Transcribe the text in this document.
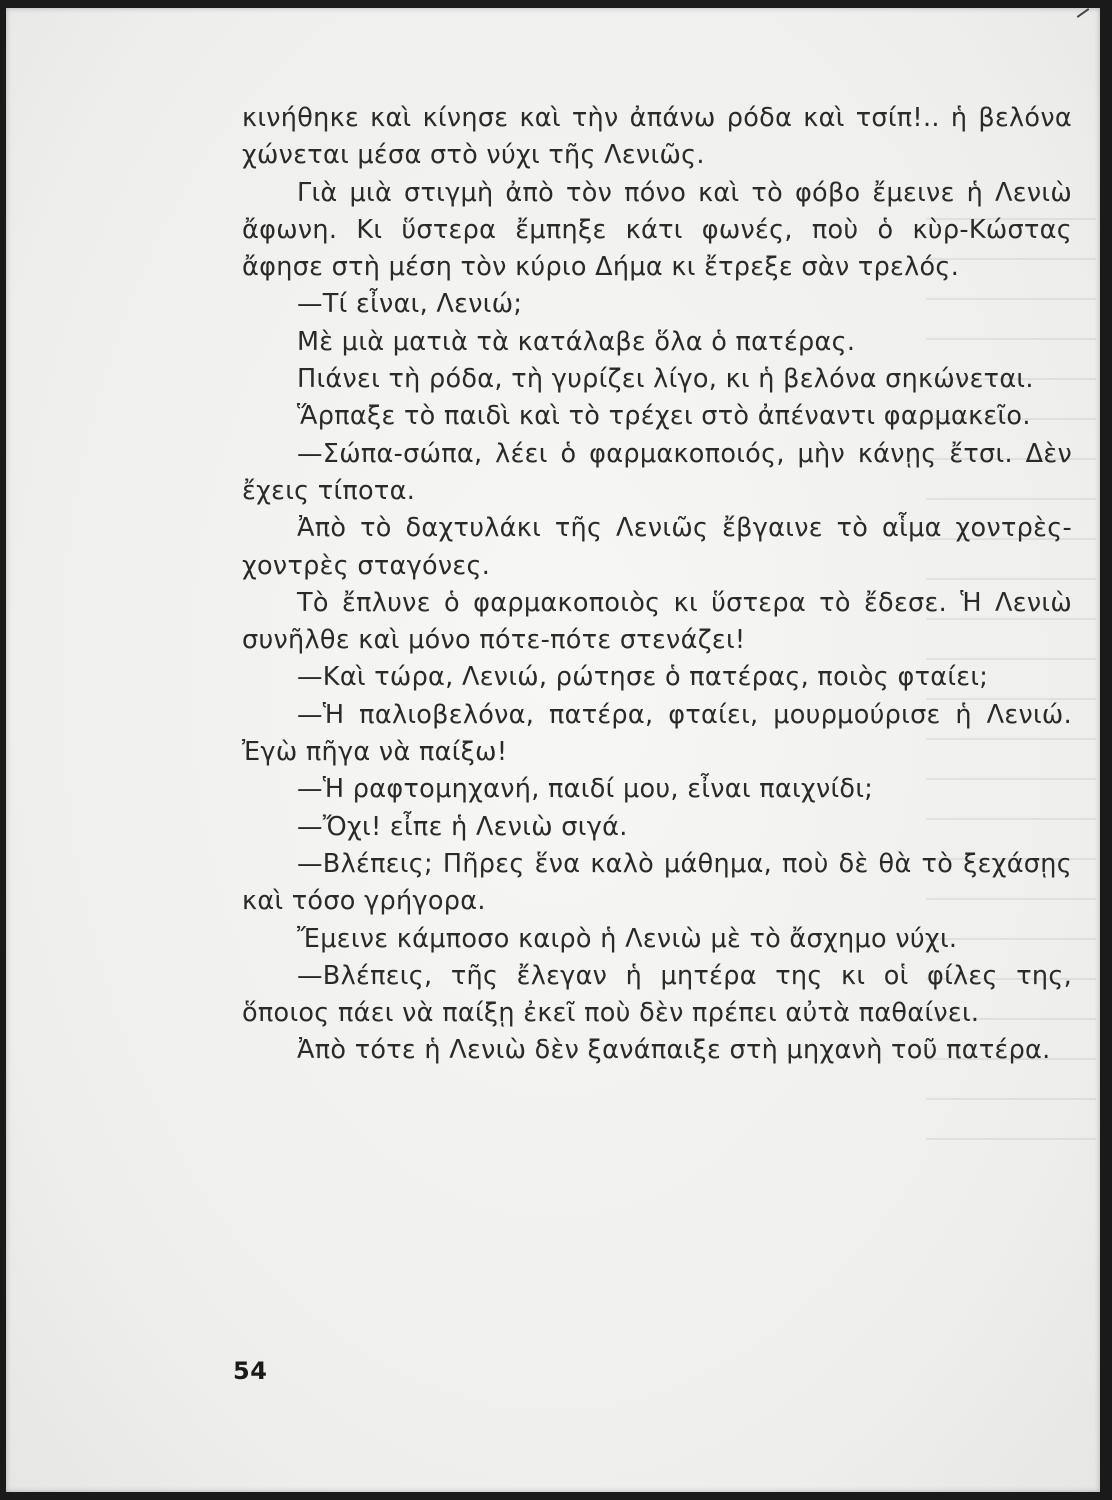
κινήθηκε καὶ κίνησε καὶ τὴν ἀπάνω ρόδα καὶ τσίπ!.. ἡ βελόνα χώνεται μέσα στὸ νύχι τῆς Λενιῶς.

Γιὰ μιὰ στιγμὴ ἀπὸ τὸν πόνο καὶ τὸ φόβο ἔμεινε ἡ Λενιὼ ἄφωνη. Κι ὕστερα ἔμπηξε κάτι φωνές, ποὺ ὁ κὺρ-Κώστας ἄφησε στὴ μέση τὸν κύριο Δήμα κι ἔτρεξε σὰν τρελός.

—Τί εἶναι, Λενιώ;

Μὲ μιὰ ματιὰ τὰ κατάλαβε ὅλα ὁ πατέρας.

Πιάνει τὴ ρόδα, τὴ γυρίζει λίγο, κι ἡ βελόνα σηκώνεται.

Ἅρπαξε τὸ παιδὶ καὶ τὸ τρέχει στὸ ἀπέναντι φαρμακεῖο.

—Σώπα-σώπα, λέει ὁ φαρμακοποιός, μὴν κάνῃς ἔτσι. Δὲν ἔχεις τίποτα.

Ἀπὸ τὸ δαχτυλάκι τῆς Λενιῶς ἔβγαινε τὸ αἷμα χοντρὲς-χοντρὲς σταγόνες.

Τὸ ἔπλυνε ὁ φαρμακοποιὸς κι ὕστερα τὸ ἔδεσε. Ἡ Λενιὼ συνῆλθε καὶ μόνο πότε-πότε στενάζει!

—Καὶ τώρα, Λενιώ, ρώτησε ὁ πατέρας, ποιὸς φταίει;

—Ἡ παλιοβελόνα, πατέρα, φταίει, μουρμούρισε ἡ Λενιώ. Ἐγὼ πῆγα νὰ παίξω!

—Ἡ ραφτομηχανή, παιδί μου, εἶναι παιχνίδι;

—Ὄχι! εἶπε ἡ Λενιὼ σιγά.

—Βλέπεις; Πῆρες ἕνα καλὸ μάθημα, ποὺ δὲ θὰ τὸ ξεχάσῃς καὶ τόσο γρήγορα.

Ἔμεινε κάμποσο καιρὸ ἡ Λενιὼ μὲ τὸ ἄσχημο νύχι.

—Βλέπεις, τῆς ἔλεγαν ἡ μητέρα της κι οἱ φίλες της, ὅποιος πάει νὰ παίξῃ ἐκεῖ ποὺ δὲν πρέπει αὐτὰ παθαίνει.

Ἀπὸ τότε ἡ Λενιὼ δὲν ξανάπαιξε στὴ μηχανὴ τοῦ πατέρα.

54
